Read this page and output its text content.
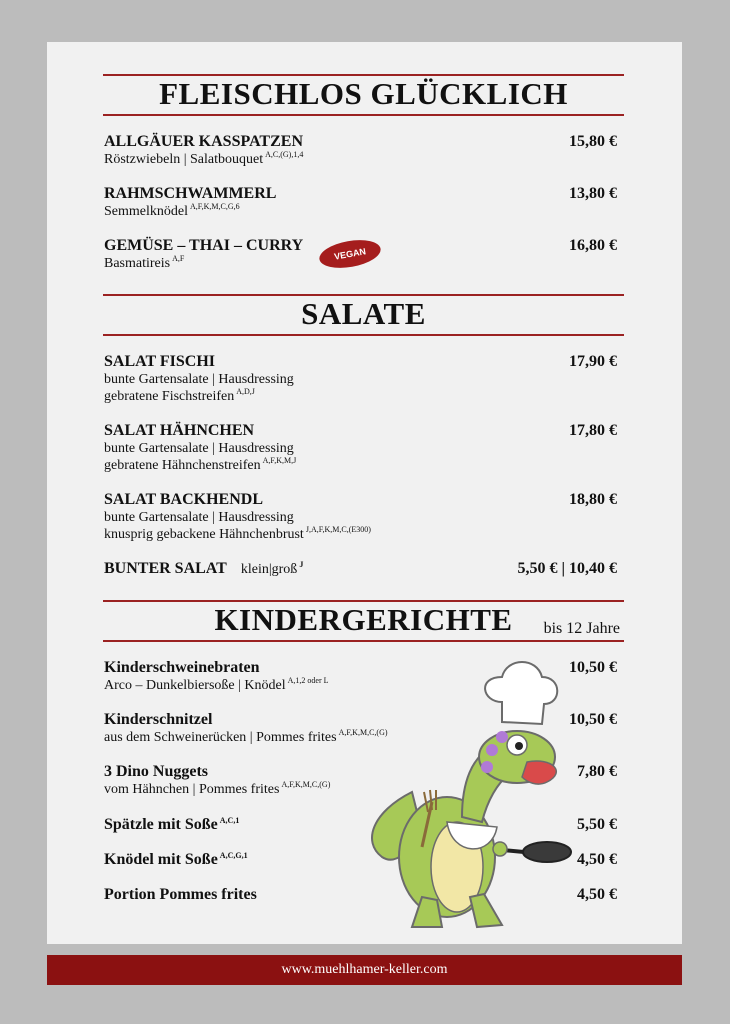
FLEISCHLOS GLÜCKLICH
ALLGÄUER KASSPATZEN
Röstzwiebeln | Salatbouquet $^{A,C,(G),1,4}$
15,80 €
RAHMSCHWAMMERL
Semmelknödel $^{A,F,K,M,C,G,6}$
13,80 €
GEMÜSE – THAI – CURRY
Basmatireis $^{A,F}$
16,80 €
VEGAN
SALATE
SALAT FISCHI
bunte Gartensalate | Hausdressing
gebratene Fischstreifen $^{A,D,J}$
17,90 €
SALAT HÄHNCHEN
bunte Gartensalate | Hausdressing
gebratene Hähnchenstreifen $^{A,F,K,M,J}$
17,80 €
SALAT BACKHENDL
bunte Gartensalate | Hausdressing
knusprig gebackene Hähnchenbrust $^{J,A,F,K,M,C,(E300)}$
18,80 €
BUNTER SALAT klein|groß $^J$	5,50 € | 10,40 €
KINDERGERICHTE	bis 12 Jahre
Kinderschweinebraten
Arco – Dunkelbiersoße | Knödel $^{A,1,2 oder L}$
10,50 €
Kinderschnitzel
aus dem Schweinerücken | Pommes frites $^{A,F,K,M,C,(G)}$
10,50 €
3 Dino Nuggets
vom Hähnchen | Pommes frites $^{A,F,K,M,C,(G)}$
7,80 €
Spätzle mit Soße $^{A,C,1}$	5,50 €
Knödel mit Soße $^{A,C,G,1}$	4,50 €
Portion Pommes frites	4,50 €
www.muehlhamer-keller.com
